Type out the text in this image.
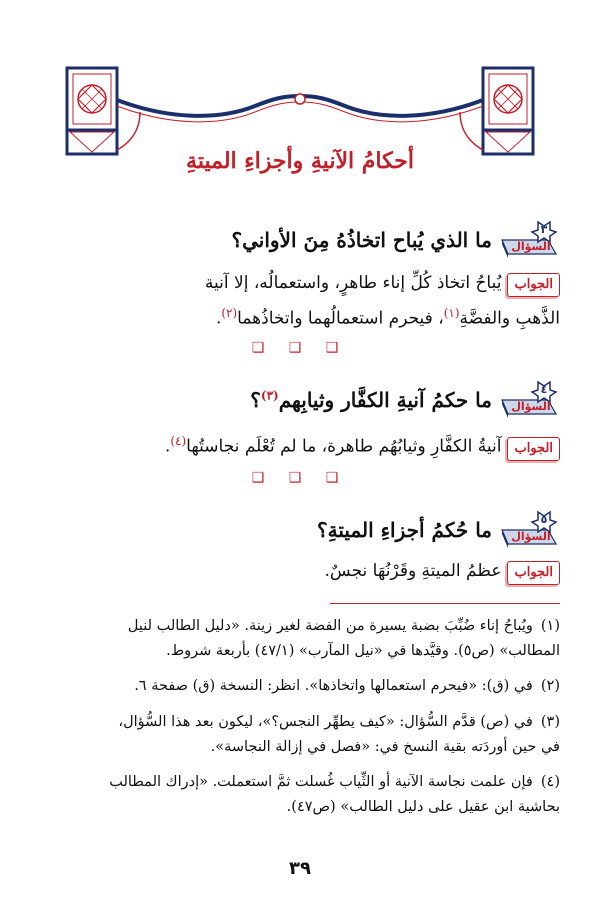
أحكامُ الآنيةِ وأجزاءِ الميتةِ
٣
السؤال
ما الذي يُباح اتخاذُهُ مِنَ الأواني؟
الجوابيُباحُ اتخاذ كُلِّ إناء طاهرٍ، واستعمالُه، إلا آنية
الذَّهبِ والفضَّةِ$^{(١)}$، فيحرم استعمالُهما واتخاذُهما$^{(٢)}$.
❑ ❑ ❑
٤
السؤال
ما حكمُ آنيةِ الكفَّار وثيابِهم$^{(٣)}$؟
الجوابآنيةُ الكفَّارِ وثيابُهُم طاهرة، ما لم تُعْلَم نجاستُها$^{(٤)}$.
❑ ❑ ❑
٥
السؤال
ما حُكمُ أجزاءِ الميتةِ؟
الجوابعظمُ الميتةِ وقَرْنُهَا نجسٌ.
(١)ويُباحُ إناء ضُبِّبَ بضبة يسيرة من الفضة لغير زينة. «دليل الطالب لنيل
المطالب» (ص٥). وقيَّدها في «نيل المآرب» (٤٧/١) بأربعة شروط.
(٢)في (ق): «فيحرم استعمالها واتخاذها». انظر: النسخة (ق) صفحة ٦.
(٣)في (ص) قدَّم السُّؤال: «كيف يطهِّر النجس؟»، ليكون بعد هذا السُّؤال،
في حين أوردَته بقية النسخ في: «فصل في إزالة النجاسة».
(٤)فإن علمت نجاسة الآنية أو الثِّياب غُسلت ثمَّ استعملت. «إدراك المطالب
بحاشية ابن عقيل على دليل الطالب» (ص٤٧).
٣٩
